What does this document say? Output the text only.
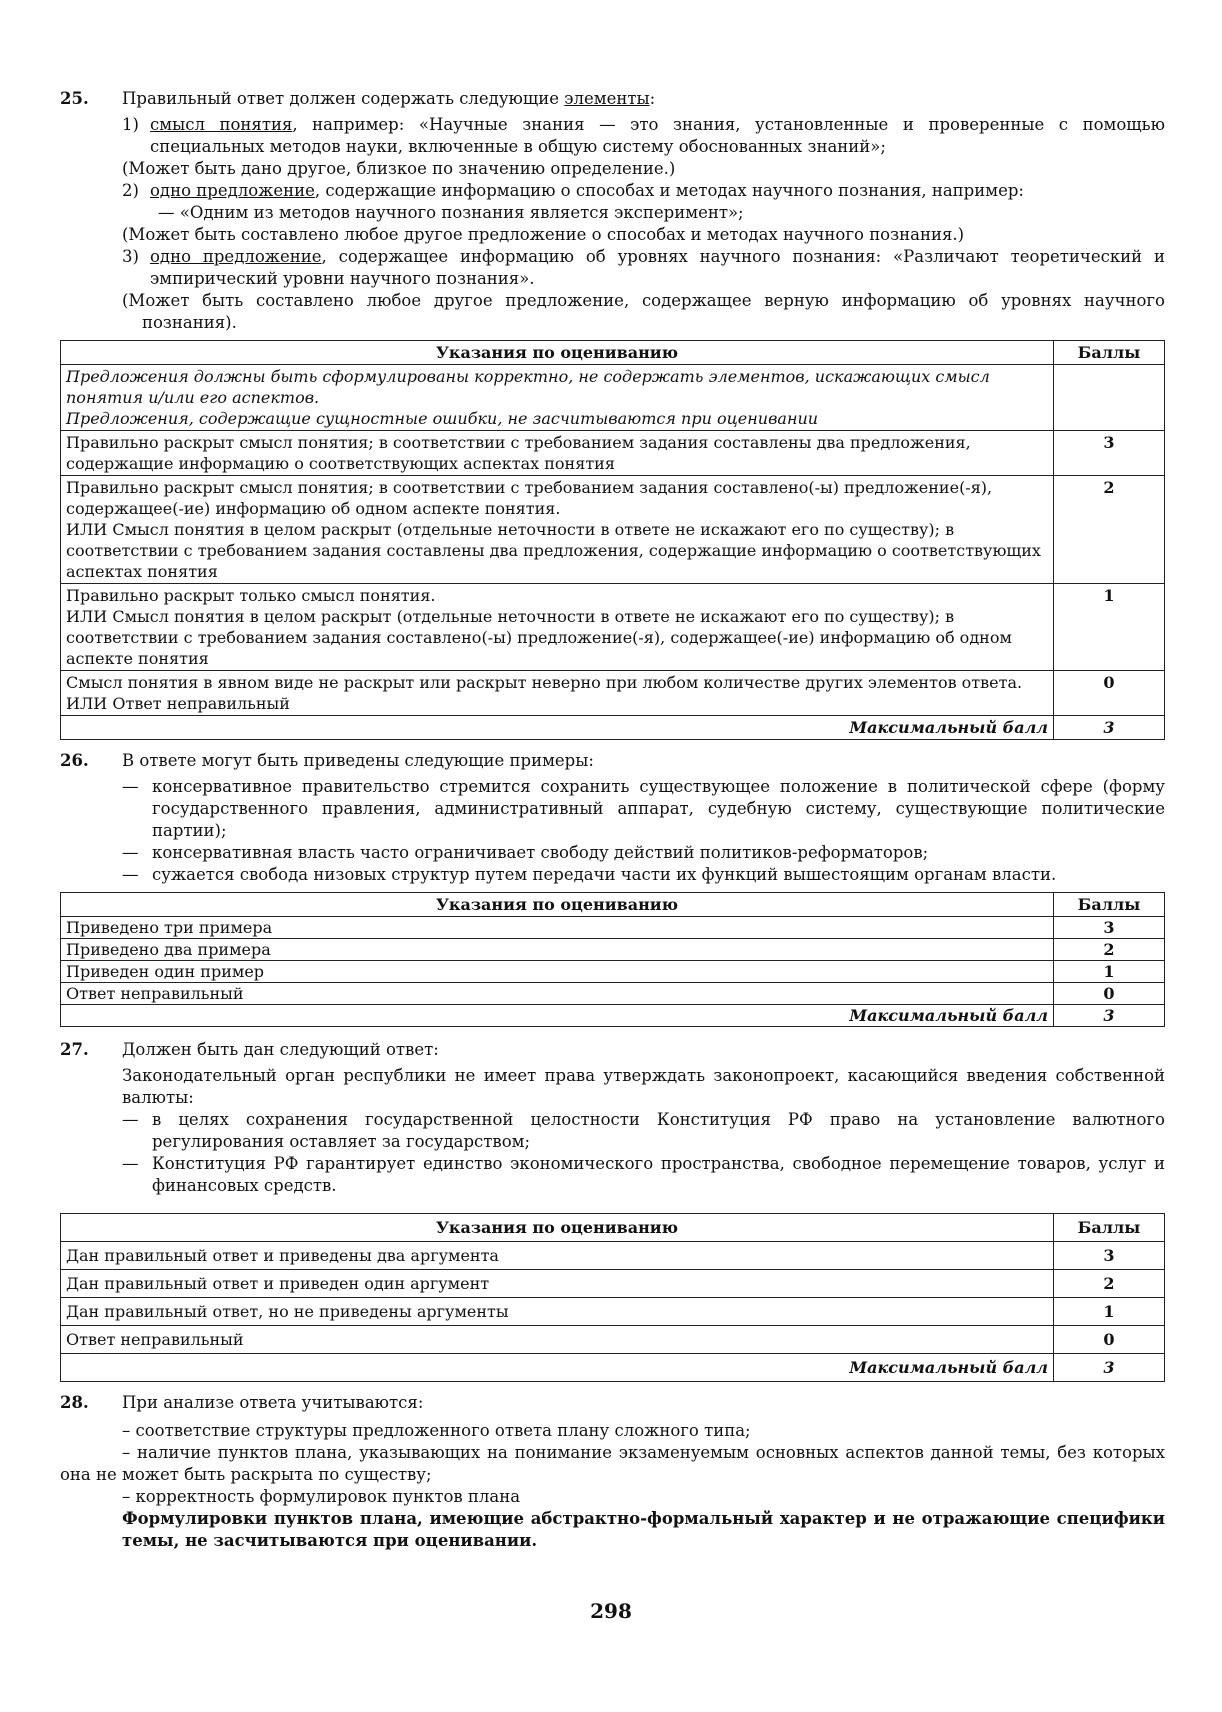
25.	Правильный ответ должен содержать следующие элементы:
1) смысл понятия, например: «Научные знания — это знания, установленные и проверенные с помощью специальных методов науки, включенные в общую систему обоснованных знаний»;
(Может быть дано другое, близкое по значению определение.)
2) одно предложение, содержащие информацию о способах и методах научного познания, например:
— «Одним из методов научного познания является эксперимент»;
(Может быть составлено любое другое предложение о способах и методах научного познания.)
3) одно предложение, содержащее информацию об уровнях научного познания: «Различают теоретический и эмпирический уровни научного познания».
(Может быть составлено любое другое предложение, содержащее верную информацию об уровнях научного познания).
Указания по оцениванию	Баллы
Предложения должны быть сформулированы корректно, не содержать элементов, искажающих смысл понятия и/или его аспектов.
Предложения, содержащие сущностные ошибки, не засчитываются при оценивании	
Правильно раскрыт смысл понятия; в соответствии с требованием задания составлены два предложения, содержащие информацию о соответствующих аспектах понятия	3
Правильно раскрыт смысл понятия; в соответствии с требованием задания составлено(-ы) предложение(-я), содержащее(-ие) информацию об одном аспекте понятия.
ИЛИ Смысл понятия в целом раскрыт (отдельные неточности в ответе не искажают его по существу); в соответствии с требованием задания составлены два предложения, содержащие информацию о соответствующих аспектах понятия	2
Правильно раскрыт только смысл понятия.
ИЛИ Смысл понятия в целом раскрыт (отдельные неточности в ответе не искажают его по существу); в соответствии с требованием задания составлено(-ы) предложение(-я), содержащее(-ие) информацию об одном аспекте понятия	1
Смысл понятия в явном виде не раскрыт или раскрыт неверно при любом количестве других элементов ответа.
ИЛИ Ответ неправильный	0
Максимальный балл	3
26.	В ответе могут быть приведены следующие примеры:
— консервативное правительство стремится сохранить существующее положение в политической сфере (форму государственного правления, административный аппарат, судебную систему, существующие политические партии);
— консервативная власть часто ограничивает свободу действий политиков-реформаторов;
— сужается свобода низовых структур путем передачи части их функций вышестоящим органам власти.
Указания по оцениванию	Баллы
Приведено три примера	3
Приведено два примера	2
Приведен один пример	1
Ответ неправильный	0
Максимальный балл	3
27.	Должен быть дан следующий ответ:
Законодательный орган республики не имеет права утверждать законопроект, касающийся введения собственной валюты:
— в целях сохранения государственной целостности Конституция РФ право на установление валютного регулирования оставляет за государством;
— Конституция РФ гарантирует единство экономического пространства, свободное перемещение товаров, услуг и финансовых средств.
Указания по оцениванию	Баллы
Дан правильный ответ и приведены два аргумента	3
Дан правильный ответ и приведен один аргумент	2
Дан правильный ответ, но не приведены аргументы	1
Ответ неправильный	0
Максимальный балл	3
28.	При анализе ответа учитываются:
– соответствие структуры предложенного ответа плану сложного типа;
– наличие пунктов плана, указывающих на понимание экзаменуемым основных аспектов данной темы, без которых она не может быть раскрыта по существу;
– корректность формулировок пунктов плана
Формулировки пунктов плана, имеющие абстрактно-формальный характер и не отражающие специфики темы, не засчитываются при оценивании.
298
